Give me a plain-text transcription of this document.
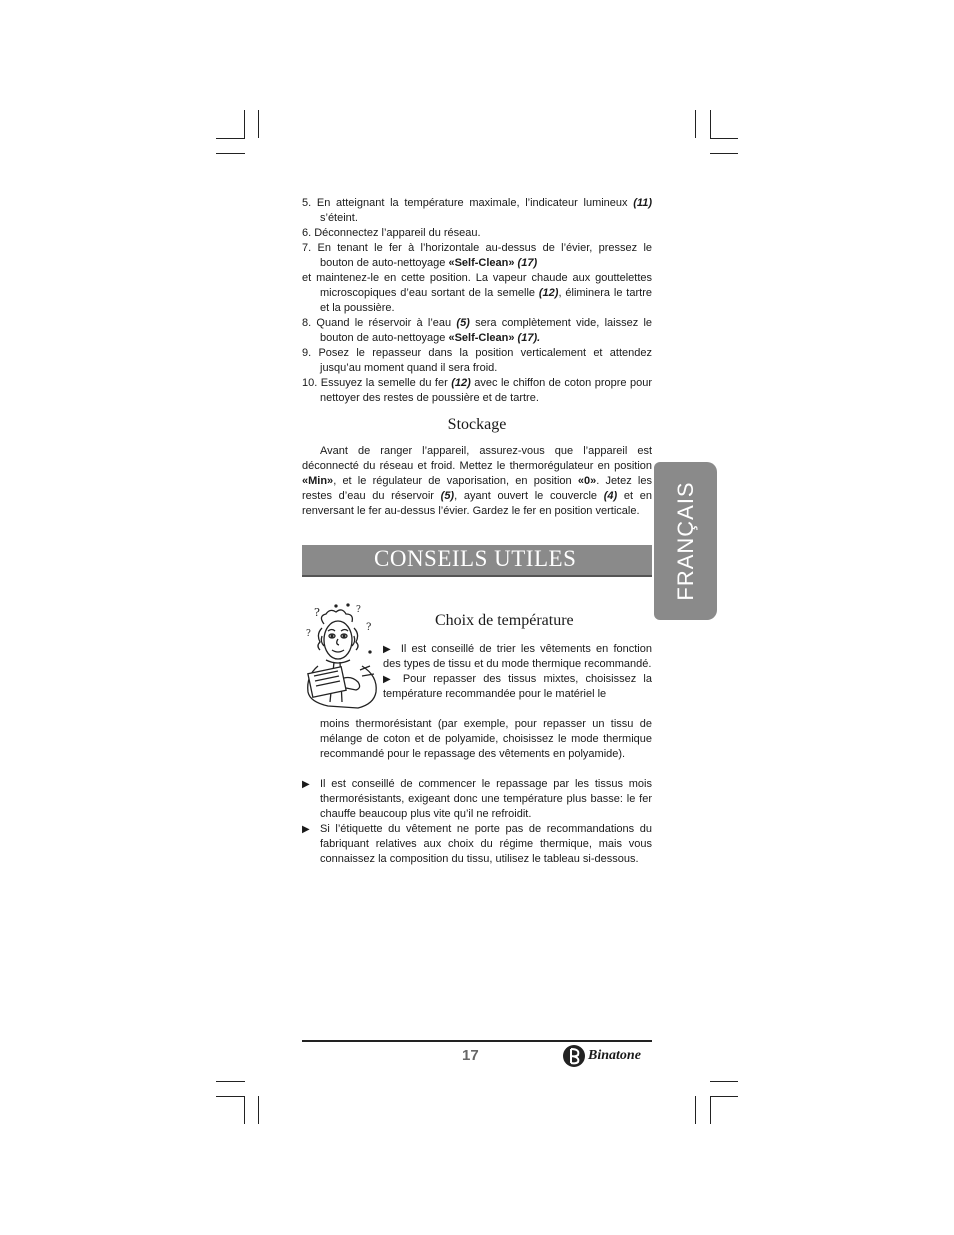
5. En atteignant la température maximale, l’indicateur lumineux (11) s’éteint.
6. Déconnectez l’appareil du réseau.
7. En tenant le fer à l’horizontale au-dessus de l’évier, pressez le bouton de auto-nettoyage «Self-Clean» (17)
et maintenez-le en cette position. La vapeur chaude aux gouttelettes microscopiques d’eau sortant de la semelle (12), éliminera le tartre et la poussière.
8. Quand le réservoir à l’eau (5) sera complètement vide, laissez le bouton de auto-nettoyage «Self-Clean» (17).
9. Posez le repasseur dans la position verticalement et attendez jusqu’au moment quand il sera froid.
10. Essuyez la semelle du fer (12) avec le chiffon de coton propre pour nettoyer des restes de poussière et de tartre.
Stockage
Avant de ranger l’appareil, assurez-vous que l’appareil est déconnecté du réseau et froid. Mettez le thermorégulateur en position «Min», et le régulateur de vaporisation, en position «0». Jetez les restes d’eau du réservoir (5), ayant ouvert le couvercle (4) et en renversant le fer au-dessus l’évier. Gardez le fer en position verticale.
CONSEILS UTILES	FRANÇAIS
?	?
?
?
Choix de température
▶ Il est conseillé de trier les vêtements en fonction des types de tissu et du mode thermique recommandé.
▶ Pour repasser des tissus mixtes, choisissez la température recommandée pour le matériel le
moins thermorésistant (par exemple, pour repasser un tissu de mélange de coton et de polyamide, choisissez le mode thermique recommandé pour le repassage des vêtements en polyamide).
▶ Il est conseillé de commencer le repassage par les tissus mois thermorésistants, exigeant donc une température plus basse: le fer chauffe beaucoup plus vite qu’il ne refroidit.
▶ Si l’étiquette du vêtement ne porte pas de recommandations du fabriquant relatives aux choix du régime thermique, mais vous connaissez la composition du tissu, utilisez le tableau si-dessous.
17	Binatone
